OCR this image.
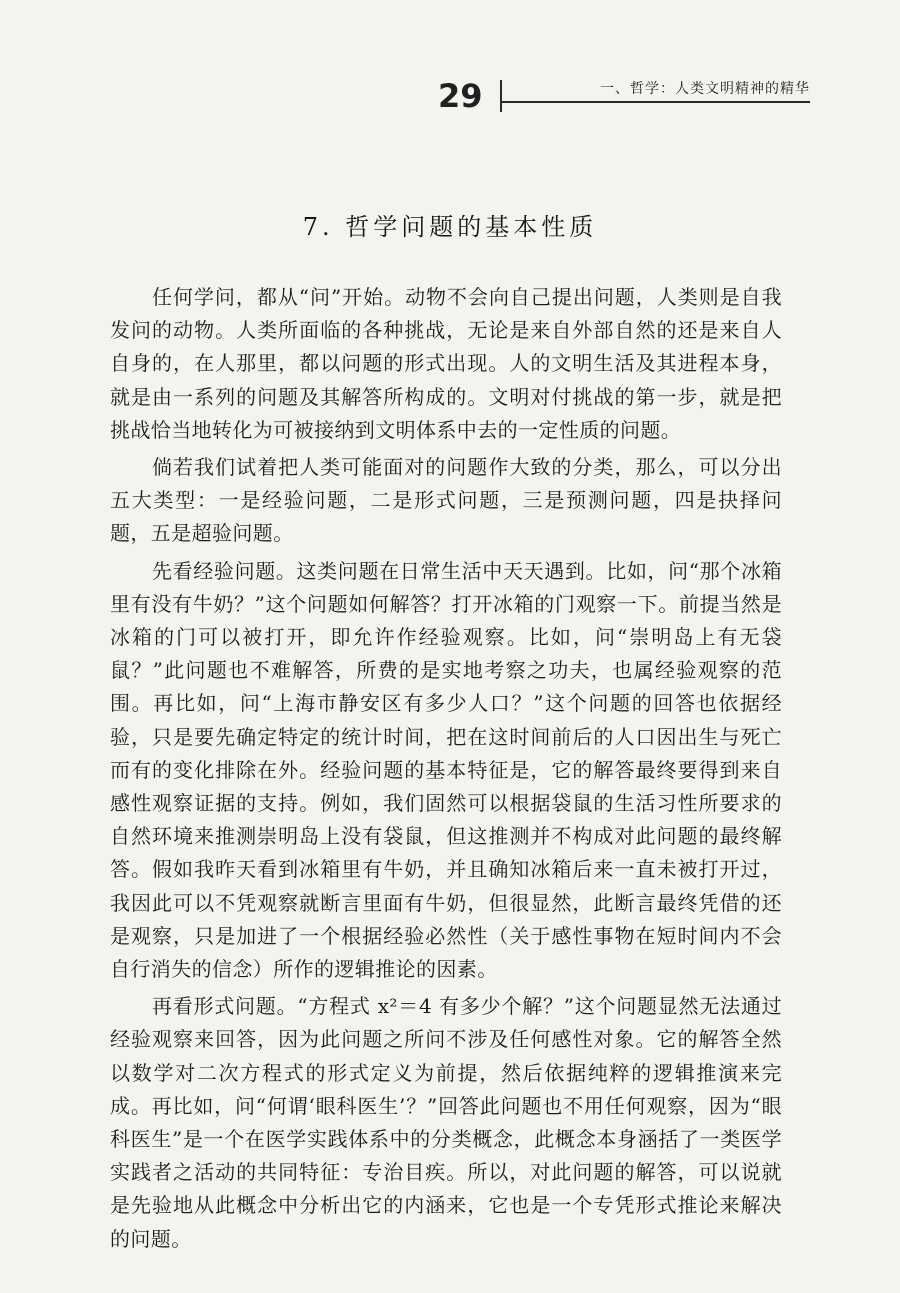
29	一、哲学：人类文明精神的精华
7. 哲学问题的基本性质

任何学问，都从“问”开始。动物不会向自己提出问题，人类则是自我发问的动物。人类所面临的各种挑战，无论是来自外部自然的还是来自人自身的，在人那里，都以问题的形式出现。人的文明生活及其进程本身，就是由一系列的问题及其解答所构成的。文明对付挑战的第一步，就是把挑战恰当地转化为可被接纳到文明体系中去的一定性质的问题。

倘若我们试着把人类可能面对的问题作大致的分类，那么，可以分出五大类型：一是经验问题，二是形式问题，三是预测问题，四是抉择问题，五是超验问题。

先看经验问题。这类问题在日常生活中天天遇到。比如，问“那个冰箱里有没有牛奶？”这个问题如何解答？打开冰箱的门观察一下。前提当然是冰箱的门可以被打开，即允许作经验观察。比如，问“崇明岛上有无袋鼠？”此问题也不难解答，所费的是实地考察之功夫，也属经验观察的范围。再比如，问“上海市静安区有多少人口？”这个问题的回答也依据经验，只是要先确定特定的统计时间，把在这时间前后的人口因出生与死亡而有的变化排除在外。经验问题的基本特征是，它的解答最终要得到来自感性观察证据的支持。例如，我们固然可以根据袋鼠的生活习性所要求的自然环境来推测崇明岛上没有袋鼠，但这推测并不构成对此问题的最终解答。假如我昨天看到冰箱里有牛奶，并且确知冰箱后来一直未被打开过，我因此可以不凭观察就断言里面有牛奶，但很显然，此断言最终凭借的还是观察，只是加进了一个根据经验必然性（关于感性事物在短时间内不会自行消失的信念）所作的逻辑推论的因素。

再看形式问题。“方程式 x²＝4 有多少个解？”这个问题显然无法通过经验观察来回答，因为此问题之所问不涉及任何感性对象。它的解答全然以数学对二次方程式的形式定义为前提，然后依据纯粹的逻辑推演来完成。再比如，问“何谓‘眼科医生’？”回答此问题也不用任何观察，因为“眼科医生”是一个在医学实践体系中的分类概念，此概念本身涵括了一类医学实践者之活动的共同特征：专治目疾。所以，对此问题的解答，可以说就是先验地从此概念中分析出它的内涵来，它也是一个专凭形式推论来解决的问题。
